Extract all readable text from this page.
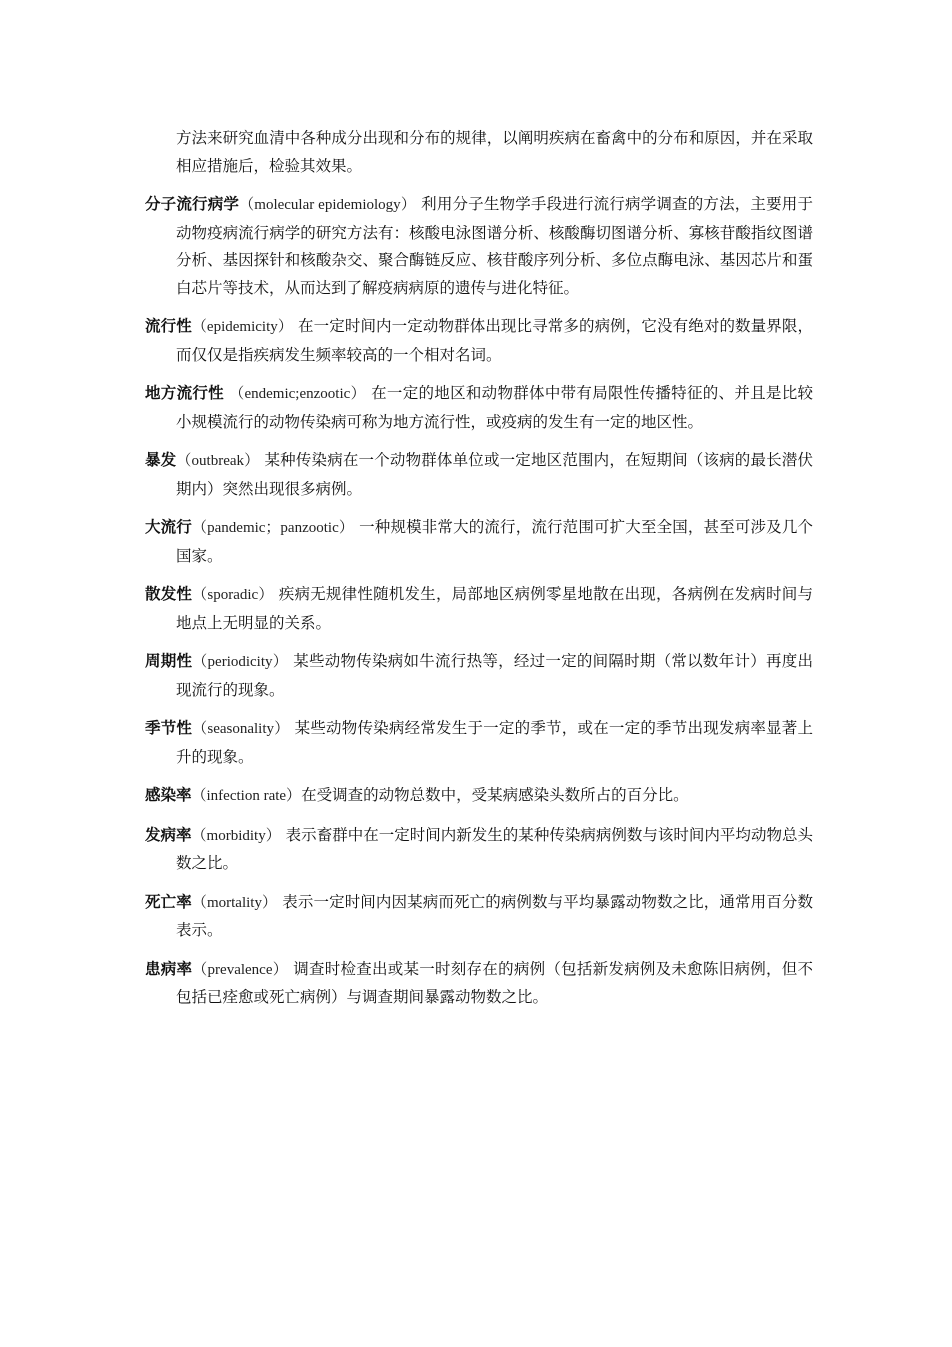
方法来研究血清中各种成分出现和分布的规律，以阐明疾病在畜禽中的分布和原因，并在采取相应措施后，检验其效果。

分子流行病学（molecular epidemiology） 利用分子生物学手段进行流行病学调查的方法，主要用于动物疫病流行病学的研究方法有：核酸电泳图谱分析、核酸酶切图谱分析、寡核苷酸指纹图谱分析、基因探针和核酸杂交、聚合酶链反应、核苷酸序列分析、多位点酶电泳、基因芯片和蛋白芯片等技术，从而达到了解疫病病原的遗传与进化特征。

流行性（epidemicity） 在一定时间内一定动物群体出现比寻常多的病例，它没有绝对的数量界限，而仅仅是指疾病发生频率较高的一个相对名词。

地方流行性 （endemic;enzootic） 在一定的地区和动物群体中带有局限性传播特征的、并且是比较小规模流行的动物传染病可称为地方流行性，或疫病的发生有一定的地区性。

暴发（outbreak） 某种传染病在一个动物群体单位或一定地区范围内，在短期间（该病的最长潜伏期内）突然出现很多病例。

大流行（pandemic；panzootic） 一种规模非常大的流行，流行范围可扩大至全国，甚至可涉及几个国家。

散发性（sporadic） 疾病无规律性随机发生，局部地区病例零星地散在出现，各病例在发病时间与地点上无明显的关系。

周期性（periodicity） 某些动物传染病如牛流行热等，经过一定的间隔时期（常以数年计）再度出现流行的现象。

季节性（seasonality） 某些动物传染病经常发生于一定的季节，或在一定的季节出现发病率显著上升的现象。

感染率（infection rate）在受调查的动物总数中，受某病感染头数所占的百分比。

发病率（morbidity） 表示畜群中在一定时间内新发生的某种传染病病例数与该时间内平均动物总头数之比。

死亡率（mortality） 表示一定时间内因某病而死亡的病例数与平均暴露动物数之比，通常用百分数表示。

患病率（prevalence） 调查时检查出或某一时刻存在的病例（包括新发病例及未愈陈旧病例，但不包括已痊愈或死亡病例）与调查期间暴露动物数之比。
